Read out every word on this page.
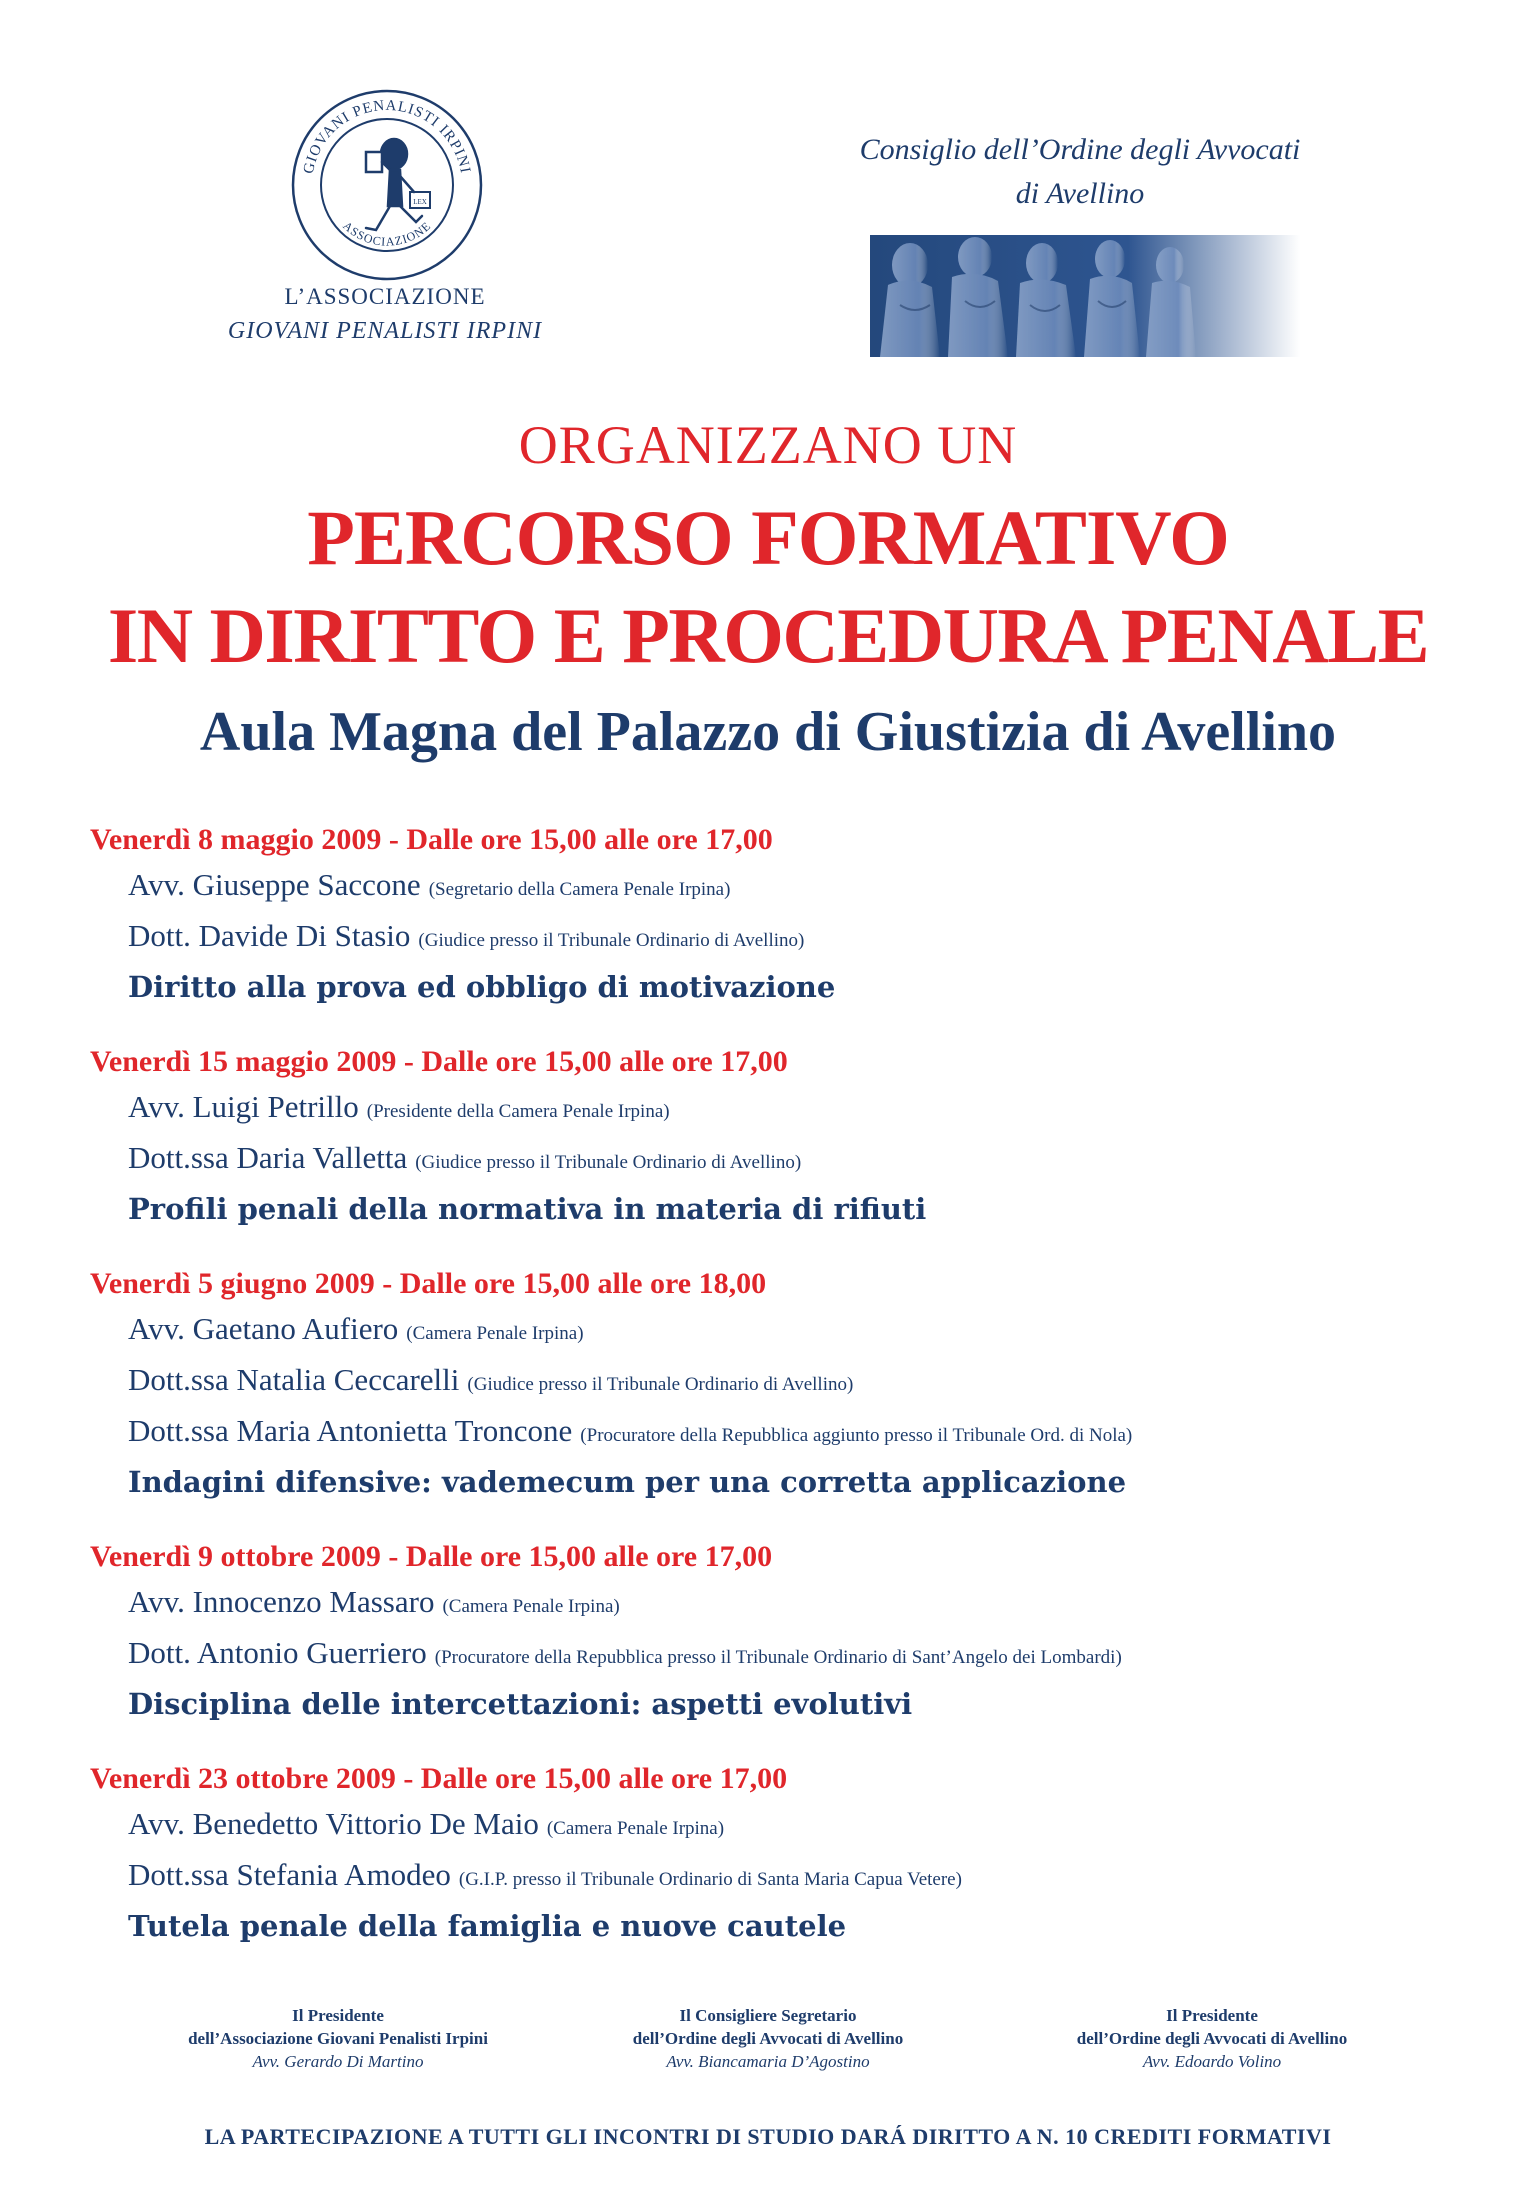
GIOVANI PENALISTI IRPINI
ASSOCIAZIONE
LEX
L’ASSOCIAZIONE
GIOVANI PENALISTI IRPINI
Consiglio dell’Ordine degli Avvocati
di Avellino
ORGANIZZANO UN
PERCORSO FORMATIVO
IN DIRITTO E PROCEDURA PENALE
Aula Magna del Palazzo di Giustizia di Avellino
Venerdì 8 maggio 2009 - Dalle ore 15,00 alle ore 17,00
Avv. Giuseppe Saccone (Segretario della Camera Penale Irpina)
Dott. Davide Di Stasio (Giudice presso il Tribunale Ordinario di Avellino)
Diritto alla prova ed obbligo di motivazione
Venerdì 15 maggio 2009 - Dalle ore 15,00 alle ore 17,00
Avv. Luigi Petrillo (Presidente della Camera Penale Irpina)
Dott.ssa Daria Valletta (Giudice presso il Tribunale Ordinario di Avellino)
Profili penali della normativa in materia di rifiuti
Venerdì 5 giugno 2009 - Dalle ore 15,00 alle ore 18,00
Avv. Gaetano Aufiero (Camera Penale Irpina)
Dott.ssa Natalia Ceccarelli (Giudice presso il Tribunale Ordinario di Avellino)
Dott.ssa Maria Antonietta Troncone (Procuratore della Repubblica aggiunto presso il Tribunale Ord. di Nola)
Indagini difensive: vademecum per una corretta applicazione
Venerdì 9 ottobre 2009 - Dalle ore 15,00 alle ore 17,00
Avv. Innocenzo Massaro (Camera Penale Irpina)
Dott. Antonio Guerriero (Procuratore della Repubblica presso il Tribunale Ordinario di Sant’Angelo dei Lombardi)
Disciplina delle intercettazioni: aspetti evolutivi
Venerdì 23 ottobre 2009 - Dalle ore 15,00 alle ore 17,00
Avv. Benedetto Vittorio De Maio (Camera Penale Irpina)
Dott.ssa Stefania Amodeo (G.I.P. presso il Tribunale Ordinario di Santa Maria Capua Vetere)
Tutela penale della famiglia e nuove cautele
Il Presidente
dell’Associazione Giovani Penalisti Irpini
Avv. Gerardo Di Martino
Il Consigliere Segretario
dell’Ordine degli Avvocati di Avellino
Avv. Biancamaria D’Agostino
Il Presidente
dell’Ordine degli Avvocati di Avellino
Avv. Edoardo Volino
LA PARTECIPAZIONE A TUTTI GLI INCONTRI DI STUDIO DARÁ DIRITTO A N. 10 CREDITI FORMATIVI
